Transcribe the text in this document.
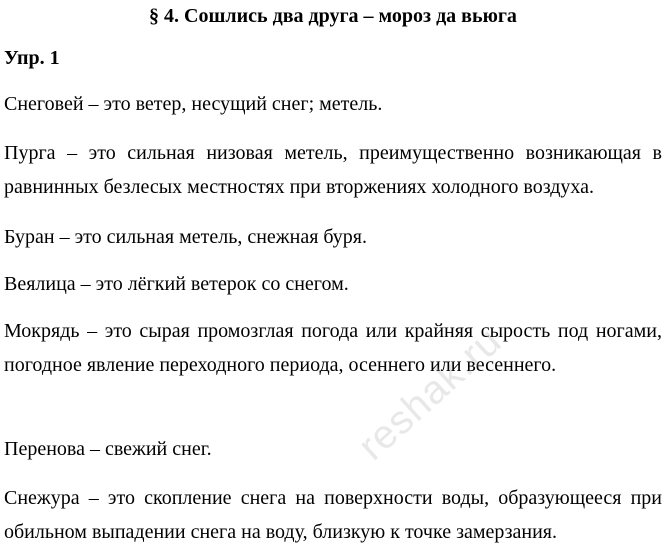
§ 4. Сошлись два друга – мороз да вьюга
Упр. 1
Снеговей – это ветер, несущий снег; метель.
Пурга – это сильная низовая метель, преимущественно возникающая в равнинных безлесых местностях при вторжениях холодного воздуха.
Буран – это сильная метель, снежная буря.
Веялица – это лёгкий ветерок со снегом.
Мокрядь – это сырая промозглая погода или крайняя сырость под ногами, погодное явление переходного периода, осеннего или весеннего.
Перенова – свежий снег.
Снежура – это скопление снега на поверхности воды, образующееся при обильном выпадении снега на воду, близкую к точке замерзания.
reshak.ru
